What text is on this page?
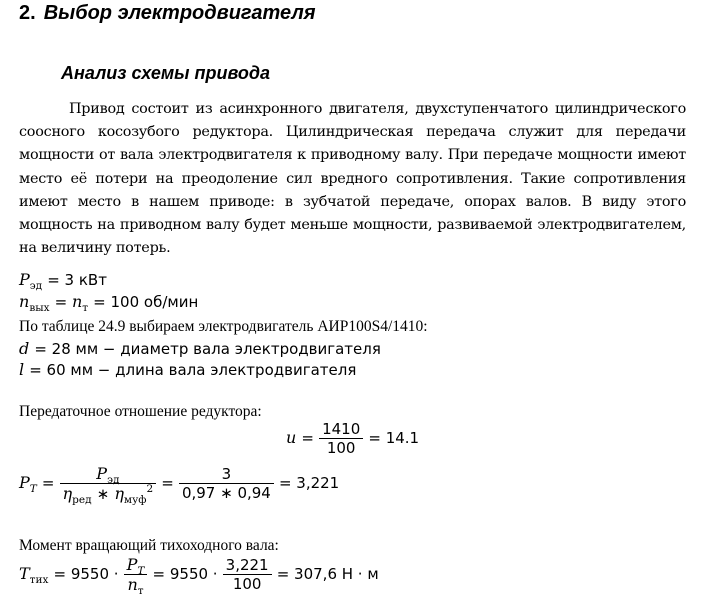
2. Выбор электродвигателя
Анализ схемы привода
Привод состоит из асинхронного двигателя, двухступенчатого цилиндрического соосного косозубого редуктора. Цилиндрическая передача служит для передачи мощности от вала электродвигателя к приводному валу. При передаче мощности имеют место её потери на преодоление сил вредного сопротивления. Такие сопротивления имеют место в нашем приводе: в зубчатой передаче, опорах валов. В виду этого мощность на приводном валу будет меньше мощности, развиваемой электродвигателем, на величину потерь.
$P_{эд} = 3$ кВт
$n_{вых} = n_т = 100$ об/мин
По таблице 24.9 выбираем электродвигатель АИР100S4/1410:
d = 28 мм − диаметр вала электродвигателя
l = 60 мм − длина вала электродвигателя
Передаточное отношение редуктора:
$u = \frac{1410}{100} = 14.1$
$P_T = \frac{P_{эд}}{\eta_{ред} ∗ \eta_{муф}^2} = \frac{3}{0,97 ∗ 0,94} = 3,221$
Момент вращающий тихоходного вала:
$T_{тих} = 9550 \cdot \frac{P_T}{n_т} = 9550 \cdot \frac{3,221}{100} = 307,6$ Н · м
